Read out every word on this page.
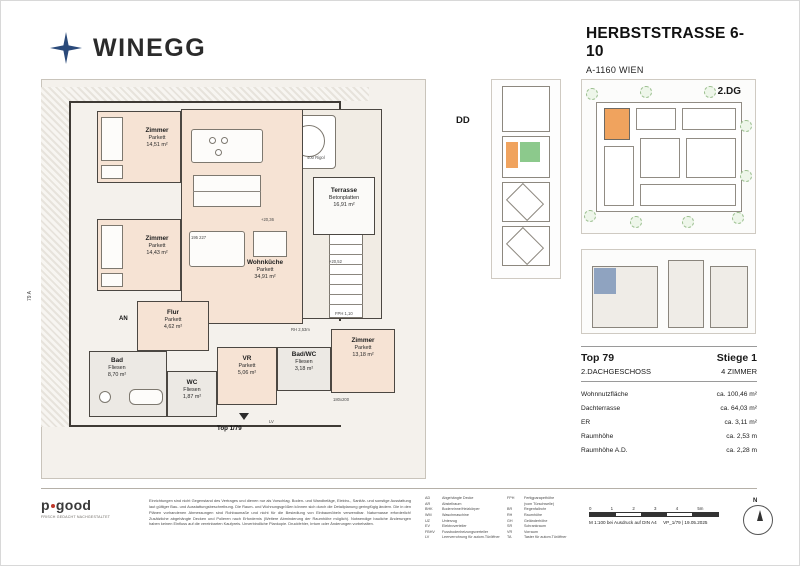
WINEGG	HERBSTSTRASSE 6-10
A-1160 WIEN
Terrasse
Betonplatten
16,91 m²
Wohnküche
Parkett
34,91 m²
Zimmer
Parkett
14,51 m²
Zimmer
Parkett
14,43 m²
Flur
Parkett
4,62 m²
AN
Bad
Fliesen
8,70 m²
WC
Fliesen
1,87 m²
VR
Parkett
5,06 m²
Bad/WC
Fliesen
3,18 m²
Zimmer
Parkett
13,18 m²
180x200
+20,36
+20,52
RH 2,53m
FPH 1,10
400 Rigol
195 227
Top 1/79
LV
79 A
DD
2.DG
Top 79	Stiege 1
2.DACHGESCHOSS	4 ZIMMER
Wohnnutzfläche	ca. 100,46 m²
Dachterrasse	ca. 64,03 m²
ER	ca. 3,11 m²
Raumhöhe	ca. 2,53 m
Raumhöhe A.D.	ca. 2,28 m
p good
FRISCH GEDACHT NACHGESTALTET
Einrichtungen sind nicht Gegenstand des Vertrages und dienen nur als Vorschlag. Boden- und Wandbeläge, Elektro-, Sanitär- und sonstige Ausstattung laut gültiger Bau- und Ausstattungsbeschreibung. Die Raum- und Wohnungsgrößen können sich durch die Detailplanung geringfügig ändern. Die in den Plänen vorhandenen Abmessungen sind Rohbaumaße und nicht für die Besiedlung von Einbaumöbeln verwendbar. Naturmasse erforderlich! Zusätzliche abgehängte Decken und Polieren nach Erfordernis (Weitere Abminderung der Raumhöhe möglich). Notwendige bauliche Änderungen haben keinen Einfluss auf die vereinbarten Kaufpreis. Unverbindliche Plankopie. Druckfehler, Irrtum oder Änderungen vorbehalten.
AD	Abgehängte Decke
AR	Abstellraum
BHK	Bodenrinne/Heizkörper
WM	Waschmaschine
UZ	Unterzug
EV	Elektroverteiler
FBHV	Fussbodenheizungsverteiler
LV	Leerverrohrung für autom.Türöffner
FPH	Fertigparapethöhe
(vom Türschwelle)
BR	Regenfallrohr
RH	Raumhöhe
GH	Geländerhöhe
SR	Schrankraum
VR	Vorraum
TA	Taster für autom.Türöffner
0	1	2	3	4	5m
M 1:100 bei Ausdruck auf DIN A4 VP_1/79 | 19.05.2025
N
